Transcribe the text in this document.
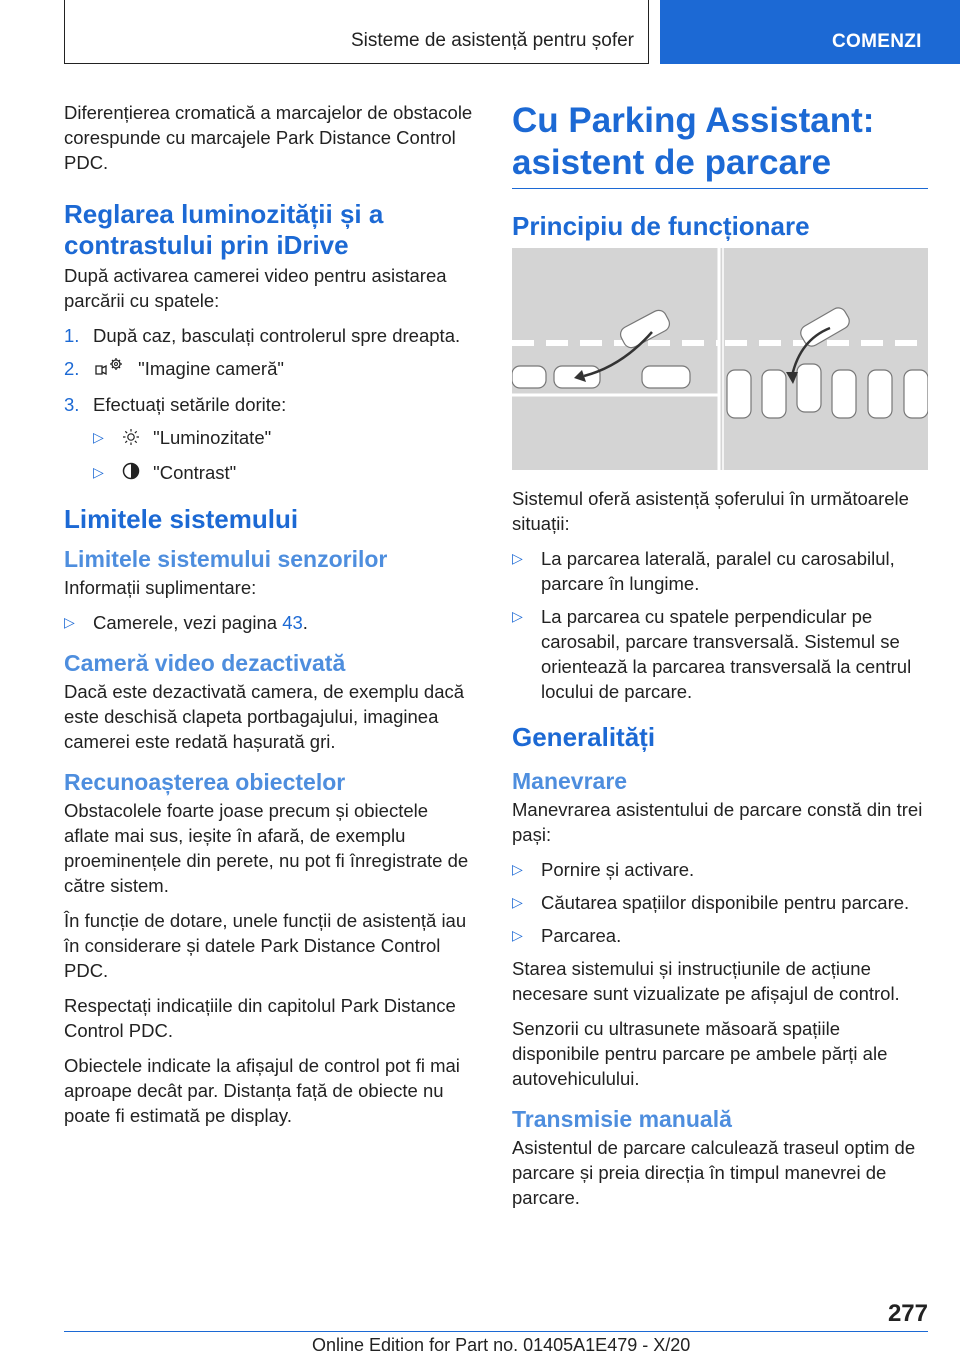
Sisteme de asistență pentru șofer	COMENZI

Diferențierea cromatică a marcajelor de obstacole corespunde cu marcajele Park Distance Control PDC.

Reglarea luminozității și a contrastului prin iDrive

După activarea camerei video pentru asistarea parcării cu spatele:

1. După caz, basculați controlerul spre dreapta.
2.	"Imagine cameră"
3. Efectuați setările dorite:
▷	"Luminozitate"
▷	"Contrast"
Limitele sistemului
Limitele sistemului senzorilor

Informații suplimentare:

▷ Camerele, vezi pagina 43.
Cameră video dezactivată

Dacă este dezactivată camera, de exemplu dacă este deschisă clapeta portbagajului, imaginea camerei este redată hașurată gri.

Recunoașterea obiectelor

Obstacolele foarte joase precum și obiectele aflate mai sus, ieșite în afară, de exemplu proeminențele din perete, nu pot fi înregistrate de către sistem.

În funcție de dotare, unele funcții de asistență iau în considerare și datele Park Distance Control PDC.

Respectați indicațiile din capitolul Park Distance Control PDC.

Obiectele indicate la afișajul de control pot fi mai aproape decât par. Distanța față de obiecte nu poate fi estimată pe display.

Cu Parking Assistant: asistent de parcare
Principiu de funcționare

Sistemul oferă asistență șoferului în următoarele situații:

▷ La parcarea laterală, paralel cu carosabilul, parcare în lungime.
▷ La parcarea cu spatele perpendicular pe carosabil, parcare transversală. Sistemul se orientează la parcarea transversală la centrul locului de parcare.
Generalități
Manevrare

Manevrarea asistentului de parcare constă din trei pași:

▷ Pornire și activare.
▷ Căutarea spațiilor disponibile pentru parcare.
▷ Parcarea.

Starea sistemului și instrucțiunile de acțiune necesare sunt vizualizate pe afișajul de control.

Senzorii cu ultrasunete măsoară spațiile disponibile pentru parcare pe ambele părți ale autovehiculului.

Transmisie manuală

Asistentul de parcare calculează traseul optim de parcare și preia direcția în timpul manevrei de parcare.

277
Online Edition for Part no. 01405A1E479 - X/20
